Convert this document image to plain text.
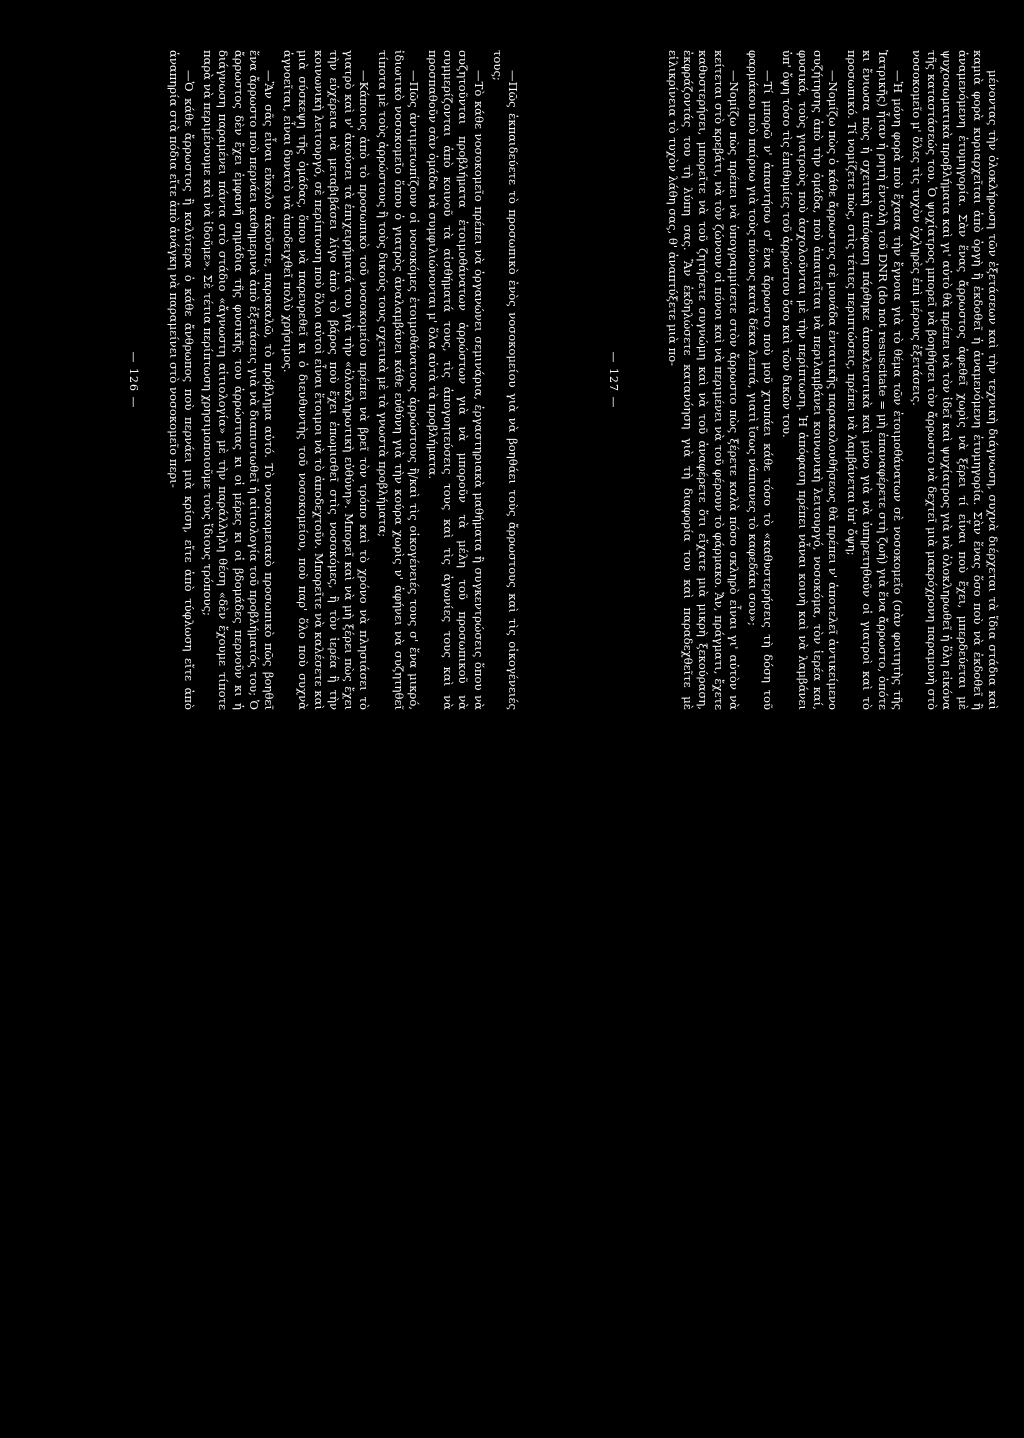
—Πῶς ἐκπαιδεύετε τὸ προσωπικὸ ἑνὸς νοσοκομείου γιὰ νὰ βοηθάει τοὺς ἄρρωστους καὶ τὶς οἰκογένειές τους;

—Τὸ κάθε νοσοκομεῖο πρέπει νὰ ὀργανώνει σεμινάρια, ἐργαστηριακὰ μαθήματα ἢ συγκεντρώσεις ὅπου νὰ συζητοῦνται προβλήματα ἑτοιμοθάνατων ἀρρώστων γιὰ νὰ μποροῦν τὰ μέλη τοῦ προσωπικοῦ νὰ συμμερίζονται ἀπὸ κοινοῦ τὰ αἰσθήματά τους, τὶς ἀπογοητεύσεις τους καὶ τὶς ἀγωνίες τους καὶ νὰ προσπαθοῦν σὰν ὁμάδα νὰ συμφιλιώνονται μ' ὅλα αὐτὰ τὰ προβλήματα.

—Πῶς ἀντιμετωπίζουν οἱ νοσοκόμες ἑτοιμοθάνατους ἀρρώστους ἢ/καὶ τὶς οἰκογένειές τους σ' ἕνα μικρό, ἰδιωτικὸ νοσοκομεῖο ὅπου ὁ γιατρὸς ἀναλαμβάνει κάθε εὐθύνη γιὰ τὴν κούρα χωρὶς ν' ἀφήνει νὰ συζητηθεῖ τίποτα μὲ τοὺς ἀρρώστους ἢ τοὺς δικούς τους σχετικὰ μὲ τὰ γνωστὰ προβλήματα;

—Κάποιος ἀπὸ τὸ προσωπικὸ τοῦ νοσοκομείου πρέπει νὰ βρεῖ τὸν τρόπο καὶ τὸ χρόνο νὰ πλησιάσει τὸ γιατρὸ καὶ ν' ἀκούσει τὰ ἐπιχειρήματά του γιὰ τὴν «ὁλοκληρωτικὴ εὐθύνη». Μπορεῖ καὶ νὰ μὴ ξέρει πὼς ἔχει τὴν εὐχέρεια νὰ μεταβιβάσει λίγο ἀπὸ τὸ βάρος ποὺ ἔχει ἐπωμισθεῖ στὶς νοσοκόμες, ἢ τὸν ἱερέα ἢ τὴν κοινωνικὴ λειτουργό, σὲ περίπτωση ποὺ ὅλοι αὐτοὶ εἶναι ἕτοιμοι νὰ τὸ ἀποδεχτοῦν. Μπορεῖτε νὰ καλέσετε καὶ μιὰ σύσκεψη τῆς ὁμάδας, ὅπου νὰ παρευρεθεῖ κι ὁ διευθυντὴς τοῦ νοσοκομείου, ποὺ παρ' ὅλο ποὺ συχνὰ ἀγνοεῖται, εἶναι δυνατὸ νὰ ἀποδειχθεῖ πολὺ χρήσιμος.

—Ἂν σᾶς εἶναι εὔκολο ἀκοῦστε, παρακαλῶ, τὸ πρόβλημα αὐτό. Τὸ νοσοκομειακὸ προσωπικὸ πῶς βοηθεῖ ἕνα ἄρρωστο ποὺ περνάει καθημερινὰ ἀπὸ ἐξετάσεις γιὰ νὰ διαπιστωθεῖ ἡ αἰτιολογία τοῦ προβλήματός του; Ὁ ἄρρωστος δὲν ἔχει ἐμφανῆ σημάδια τῆς φυσικῆς του ἀρρώστιας κι οἱ μέρες κι οἱ βδομάδες περνοῦν κι ἡ διάγνωση παραμένει πάντα στὸ στάδιο «ἄγνωστη αἰτιολογία» μὲ τὴν παράλληλη θέση «δὲν ἔχουμε τίποτε παρὰ νὰ περιμένουμε καὶ νὰ ἰδοῦμε». Σὲ τέτια περίπτωση χρησιμοποιοῦμε τοὺς ἴδιους τρόπους;

—Ὁ κάθε ἄρρωστος ἢ καλύτερα ὁ κάθε ἄνθρωπος ποὺ περνάει μιὰ κρίση, εἴτε ἀπὸ τύφλωση εἴτε ἀπὸ ἀναπηρία στὰ πόδια εἴτε ἀπὸ ἀνάγκη νὰ παραμείνει στὸ νοσοκομεῖο περι-

— 126 —	μένοντας τὴν ὁλοκλήρωση τῶν ἐξετάσεων καὶ τὴν τεχνικὴ διάγνωση, συχνὰ διέρχεται τὰ ἴδια στάδια καὶ καμιὰ φορὰ κυριαρχεῖται ἀπὸ ὀργὴ ἢ ἐκδοθεῖ ἡ ἀναμενόμενη ἐτυμηγορία. Σὰν ἕνας ὅσο ποὺ νὰ ἐκδοθεῖ ἢ ἀναμενόμενη ἐτυμηγορία. Σὰν ἕνας ἄρρωστος ἀφεθεῖ χωρὶς νὰ ξέρει τί εἶναι ποὺ ἔχει, μπερδεύεται μὲ ψυχοσωματικὰ προβλήματα καὶ γι' αὐτὸ θὰ πρέπει νὰ τὸν ἰδεῖ καὶ ψυχίατρος γιὰ νὰ ὁλοκληρωθεῖ ἡ ὅλη εἰκόνα τῆς καταστάσεώς του. Ὁ ψυχίατρος μπορεῖ νὰ βοηθήσει τὸν ἄρρωστο νὰ δεχτεῖ μιὰ μακρόχρονη παραμονὴ στὸ νοσοκομεῖο μ' ὅλες τὶς τυχὸν ὀχληρὲς ἐπὶ μέρους ἐξετάσεις.

—Ἡ μόνη φορὰ ποὺ ἔχασα τὴν ἔγνοια γιὰ τὸ θέμα τῶν ἑτοιμοθάνατων σὲ νοσοκομεῖο (σὰν φοιτητὴς τῆς Ἰατρικῆς) ἦταν ἡ ρητὴ ἐντολὴ τοῦ DNR (do not resuscitate = μὴ ἐπαναφέρετε στὴ ζωή) γιὰ ἕνα ἄρρωστο, ὁπότε κι ἔνιωσα πὼς ἡ σχετικὴ ἀπόφαση πάρθηκε ἀποκλειστικὰ καὶ μόνο γιὰ νὰ ὑπηρετηθοῦν οἱ γιατροὶ καὶ τὸ προσωπικό. Τί νομίζετε πὼς, στὶς τέτιες περιπτώσεις, πρέπει νὰ λαμβάνεται ὑπ' ὄψη;

—Νομίζω πὼς ὁ κάθε ἄρρωστος σὲ μονάδα ἐντατικῆς παρακολουθήσεως θὰ πρέπει ν' ἀποτελεῖ ἀντικείμενο συζήτησης ἀπὸ τὴν ὁμάδα, ποὺ ἀπαιτεῖται νὰ περιλαμβάνει κοινωνικὴ λειτουργό, νοσοκόμα, τὸν ἱερέα καί, φυσικά, τοὺς γιατροὺς ποὺ ἀσχολοῦνται μὲ τὴν περίπτωση. Ἡ ἀπόφαση πρέπει νἆναι κοινὴ καὶ νὰ λαμβάνει ὑπ' ὄψη τόσο τὶς ἐπιθυμίες τοῦ ἀρρώστου ὅσο καὶ τῶν δικῶν του.

—Τί μπορῶ ν' ἀπαντήσω σ' ἕνα ἄρρωστο ποὺ μοῦ χτυπάει κάθε τόσο τὸ «καθυστερήσεις τὴ δόση τοῦ φαρμάκου ποὺ παίρνω γιὰ τοὺς πόνους κατὰ δέκα λεπτά, γιατὶ ἴσως νάπιανες τὸ καφεδάκι σου»;

—Νομίζω πὼς πρέπει νὰ ὑπογραμμίσετε στὸν ἄρρωστο πὼς ξέρετε καλὰ πόσο σκληρὸ εἶναι γι' αὐτὸν νὰ κείτεται στὸ κρεβάτι, νὰ τὸν ζώνουν οἱ πόνοι καὶ νὰ περιμένει νὰ τοῦ φέρουν τὸ φάρμακο. Ἄν, πράγματι, ἔχετε καθυστερήσει, μπορεῖτε νὰ τοῦ ζητήσετε συγνώμη καὶ νὰ τοῦ ἀναφέρετε ὅτι εἴχατε μιὰ μικρὴ ξεκούραση, ἐκφράζοντάς του τὴ λύπη σας. Ἂν ἐκδηλώσετε κατανόηση γιὰ τὴ διαφορία του καὶ παραδεχθεῖτε μὲ εἰλικρίνεια τὸ τυχὸν λάθη σας, θ' ἀναπτύξετε μιὰ πο-

— 127 —
